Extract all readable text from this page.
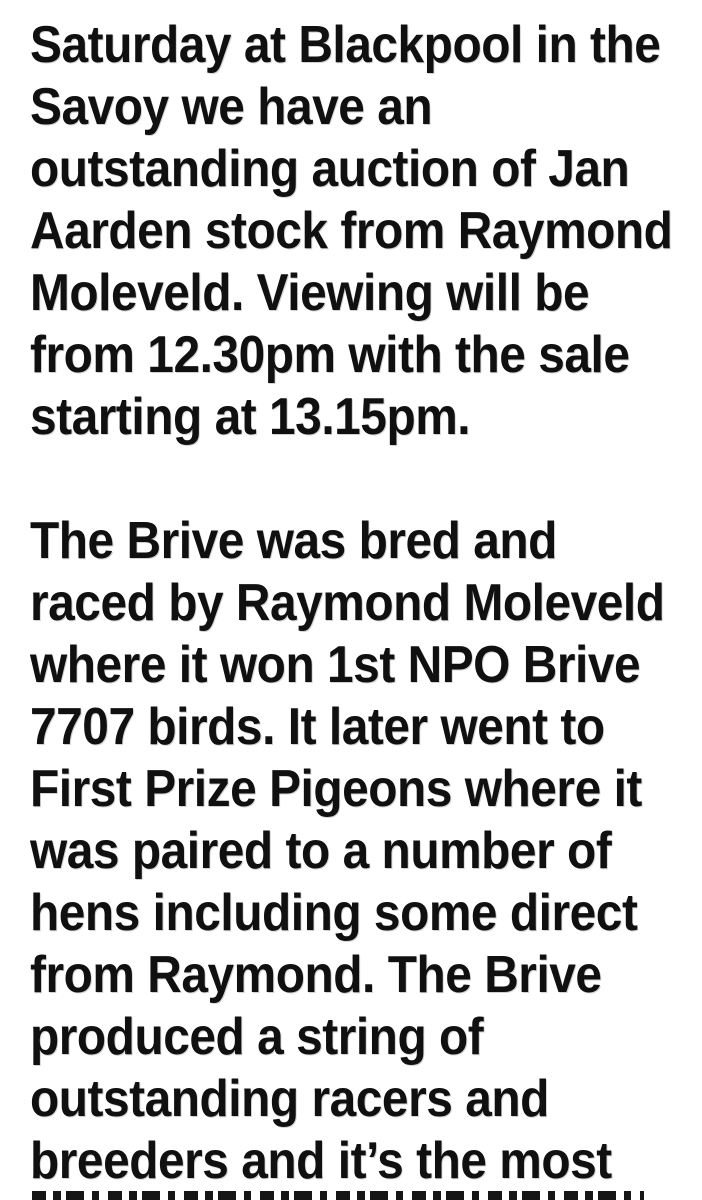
Saturday at Blackpool in the
Savoy we have an
outstanding auction of Jan
Aarden stock from Raymond
Moleveld. Viewing will be
from 12.30pm with the sale
starting at 13.15pm.
The Brive was bred and
raced by Raymond Moleveld
where it won 1st NPO Brive
7707 birds. It later went to
First Prize Pigeons where it
was paired to a number of
hens including some direct
from Raymond. The Brive
produced a string of
outstanding racers and
breeders and it’s the most
